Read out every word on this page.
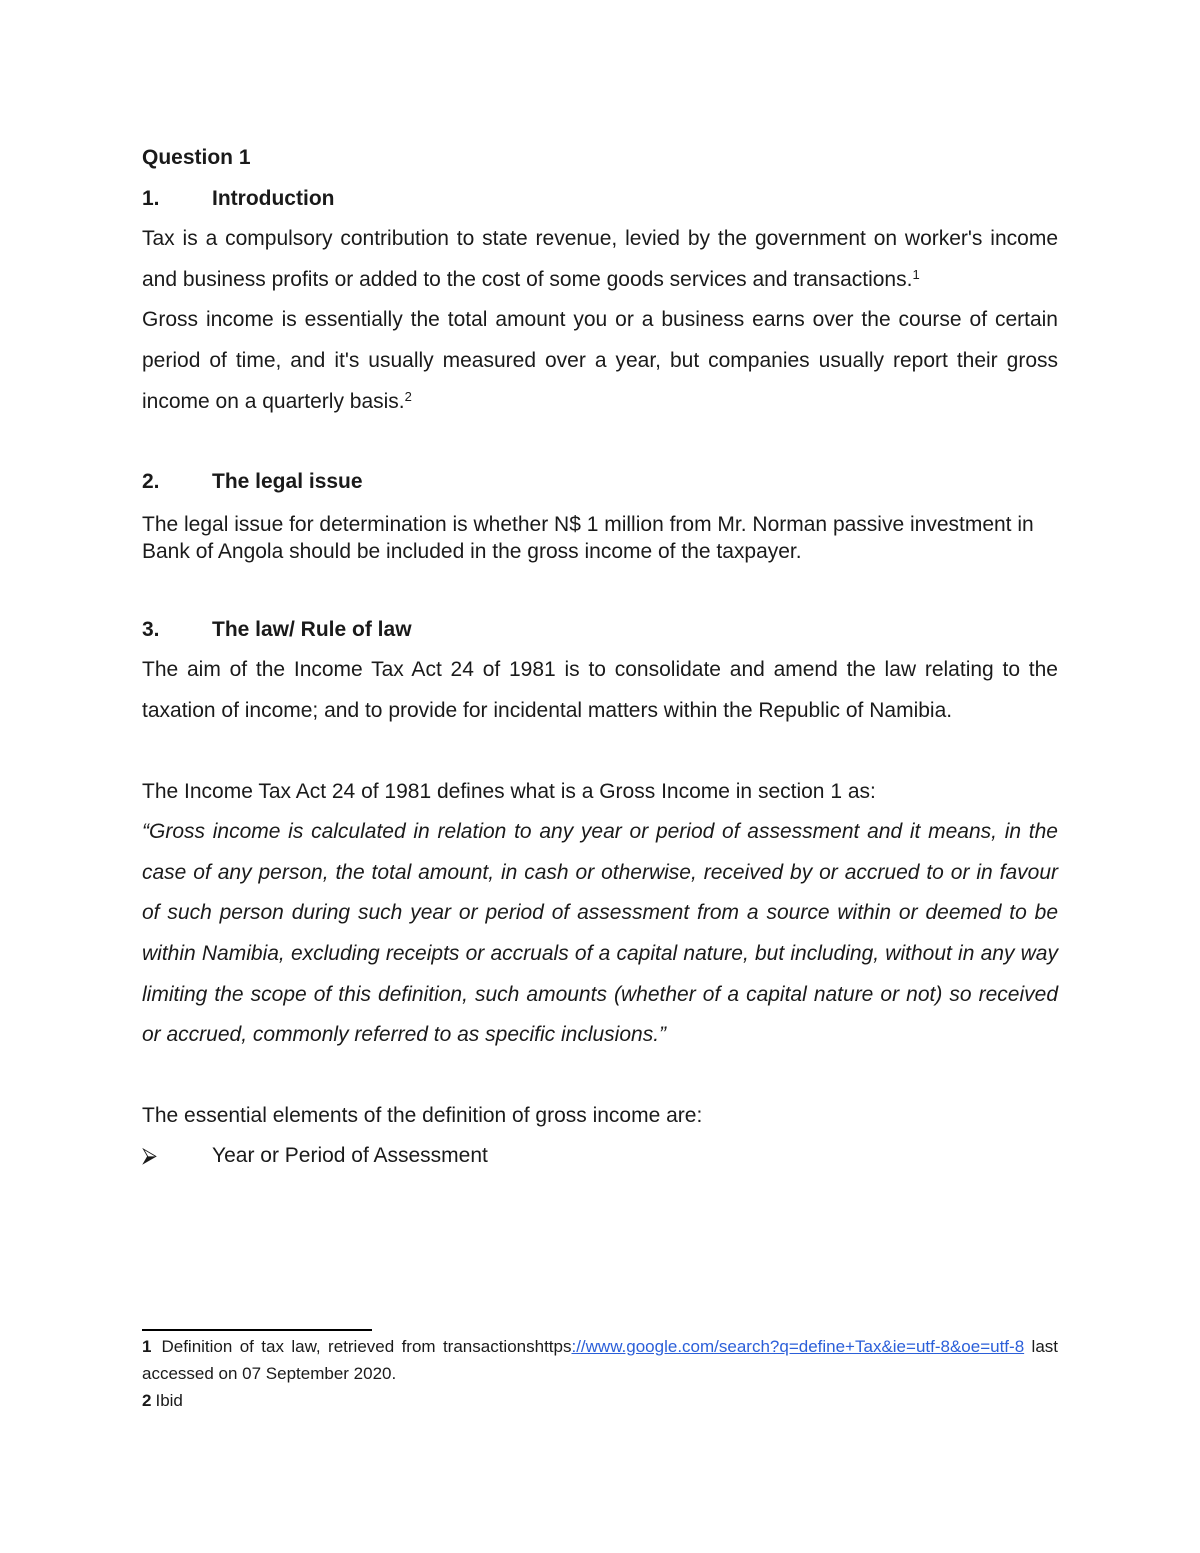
Question 1

1.	Introduction

Tax is a compulsory contribution to state revenue, levied by the government on worker's income and business profits or added to the cost of some goods services and transactions.$^1$

Gross income is essentially the total amount you or a business earns over the course of certain period of time, and it's usually measured over a year, but companies usually report their gross income on a quarterly basis.$^2$

2.	The legal issue

The legal issue for determination is whether N$ 1 million from Mr. Norman passive investment in Bank of Angola should be included in the gross income of the taxpayer.

3.	The law/ Rule of law

The aim of the Income Tax Act 24 of 1981 is to consolidate and amend the law relating to the taxation of income; and to provide for incidental matters within the Republic of Namibia.

The Income Tax Act 24 of 1981 defines what is a Gross Income in section 1 as:

“Gross income is calculated in relation to any year or period of assessment and it means, in the case of any person, the total amount, in cash or otherwise, received by or accrued to or in favour of such person during such year or period of assessment from a source within or deemed to be within Namibia, excluding receipts or accruals of a capital nature, but including, without in any way limiting the scope of this definition, such amounts (whether of a capital nature or not) so received or accrued, commonly referred to as specific inclusions.”

The essential elements of the definition of gross income are:

⮚	Year or Period of Assessment

1 Definition of tax law, retrieved from transactionshttps://www.google.com/search?q=define+Tax&ie=utf-8&oe=utf-8 last accessed on 07 September 2020.

2 Ibid
